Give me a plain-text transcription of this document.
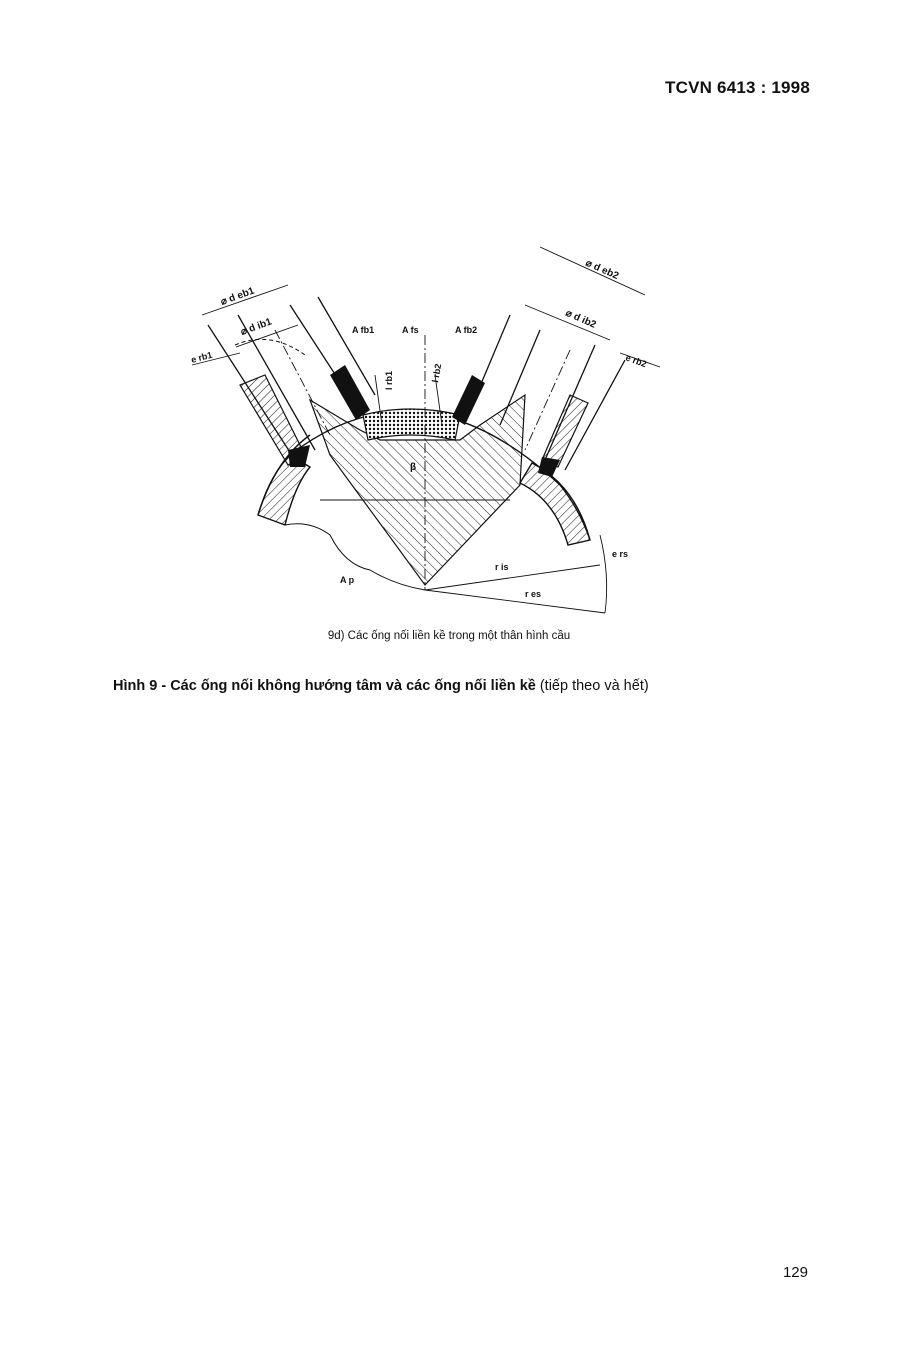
TCVN 6413 : 1998
⌀ d eb1
⌀ d ib1
e rb1
A fb1	A fs	A fb2
l rb1	l rb2
⌀ d eb2
⌀ d ib2
e rb2
β
A p
e rs
r is
r es
9d) Các ống nối liền kề trong một thân hình cầu
Hình 9 - Các ống nối không hướng tâm và các ống nối liền kề (tiếp theo và hết)
129
